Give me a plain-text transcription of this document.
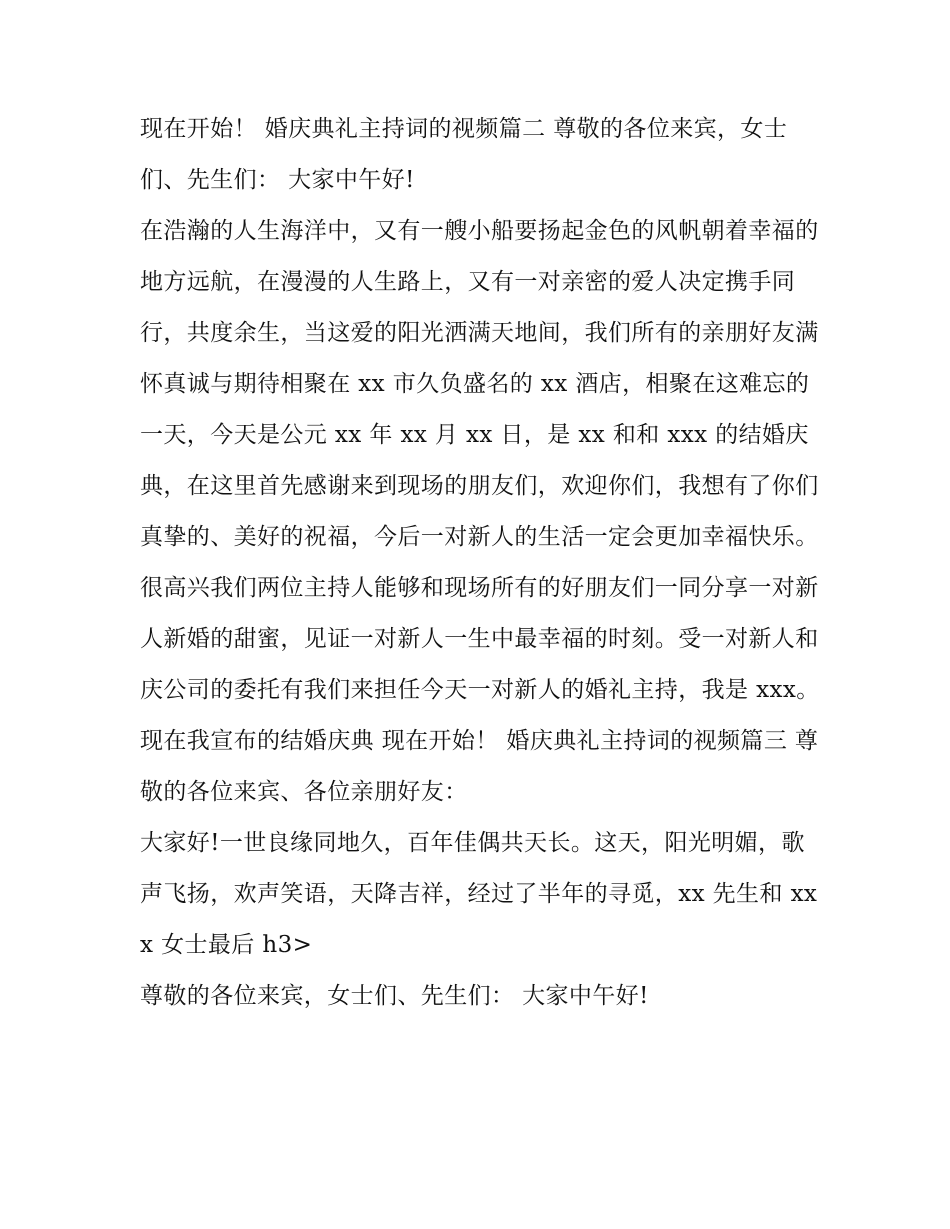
现在开始！ 婚庆典礼主持词的视频篇二 尊敬的各位来宾，女士们、先生们： 大家中午好!

在浩瀚的人生海洋中，又有一艘小船要扬起金色的风帆朝着幸福的地方远航，在漫漫的人生路上，又有一对亲密的爱人决定携手同行，共度余生，当这爱的阳光洒满天地间，我们所有的亲朋好友满怀真诚与期待相聚在 xx 市久负盛名的 xx 酒店，相聚在这难忘的一天，今天是公元 xx 年 xx 月 xx 日，是 xx 和和 xxx 的结婚庆典，在这里首先感谢来到现场的朋友们，欢迎你们，我想有了你们真挚的、美好的祝福，今后一对新人的生活一定会更加幸福快乐。

很高兴我们两位主持人能够和现场所有的好朋友们一同分享一对新人新婚的甜蜜，见证一对新人一生中最幸福的时刻。受一对新人和庆公司的委托有我们来担任今天一对新人的婚礼主持，我是 xxx。

现在我宣布的结婚庆典 现在开始！ 婚庆典礼主持词的视频篇三 尊敬的各位来宾、各位亲朋好友：

大家好!一世良缘同地久，百年佳偶共天长。这天，阳光明媚，歌声飞扬，欢声笑语，天降吉祥，经过了半年的寻觅，xx 先生和 xxx 女士最后 h3>

尊敬的各位来宾，女士们、先生们： 大家中午好!
